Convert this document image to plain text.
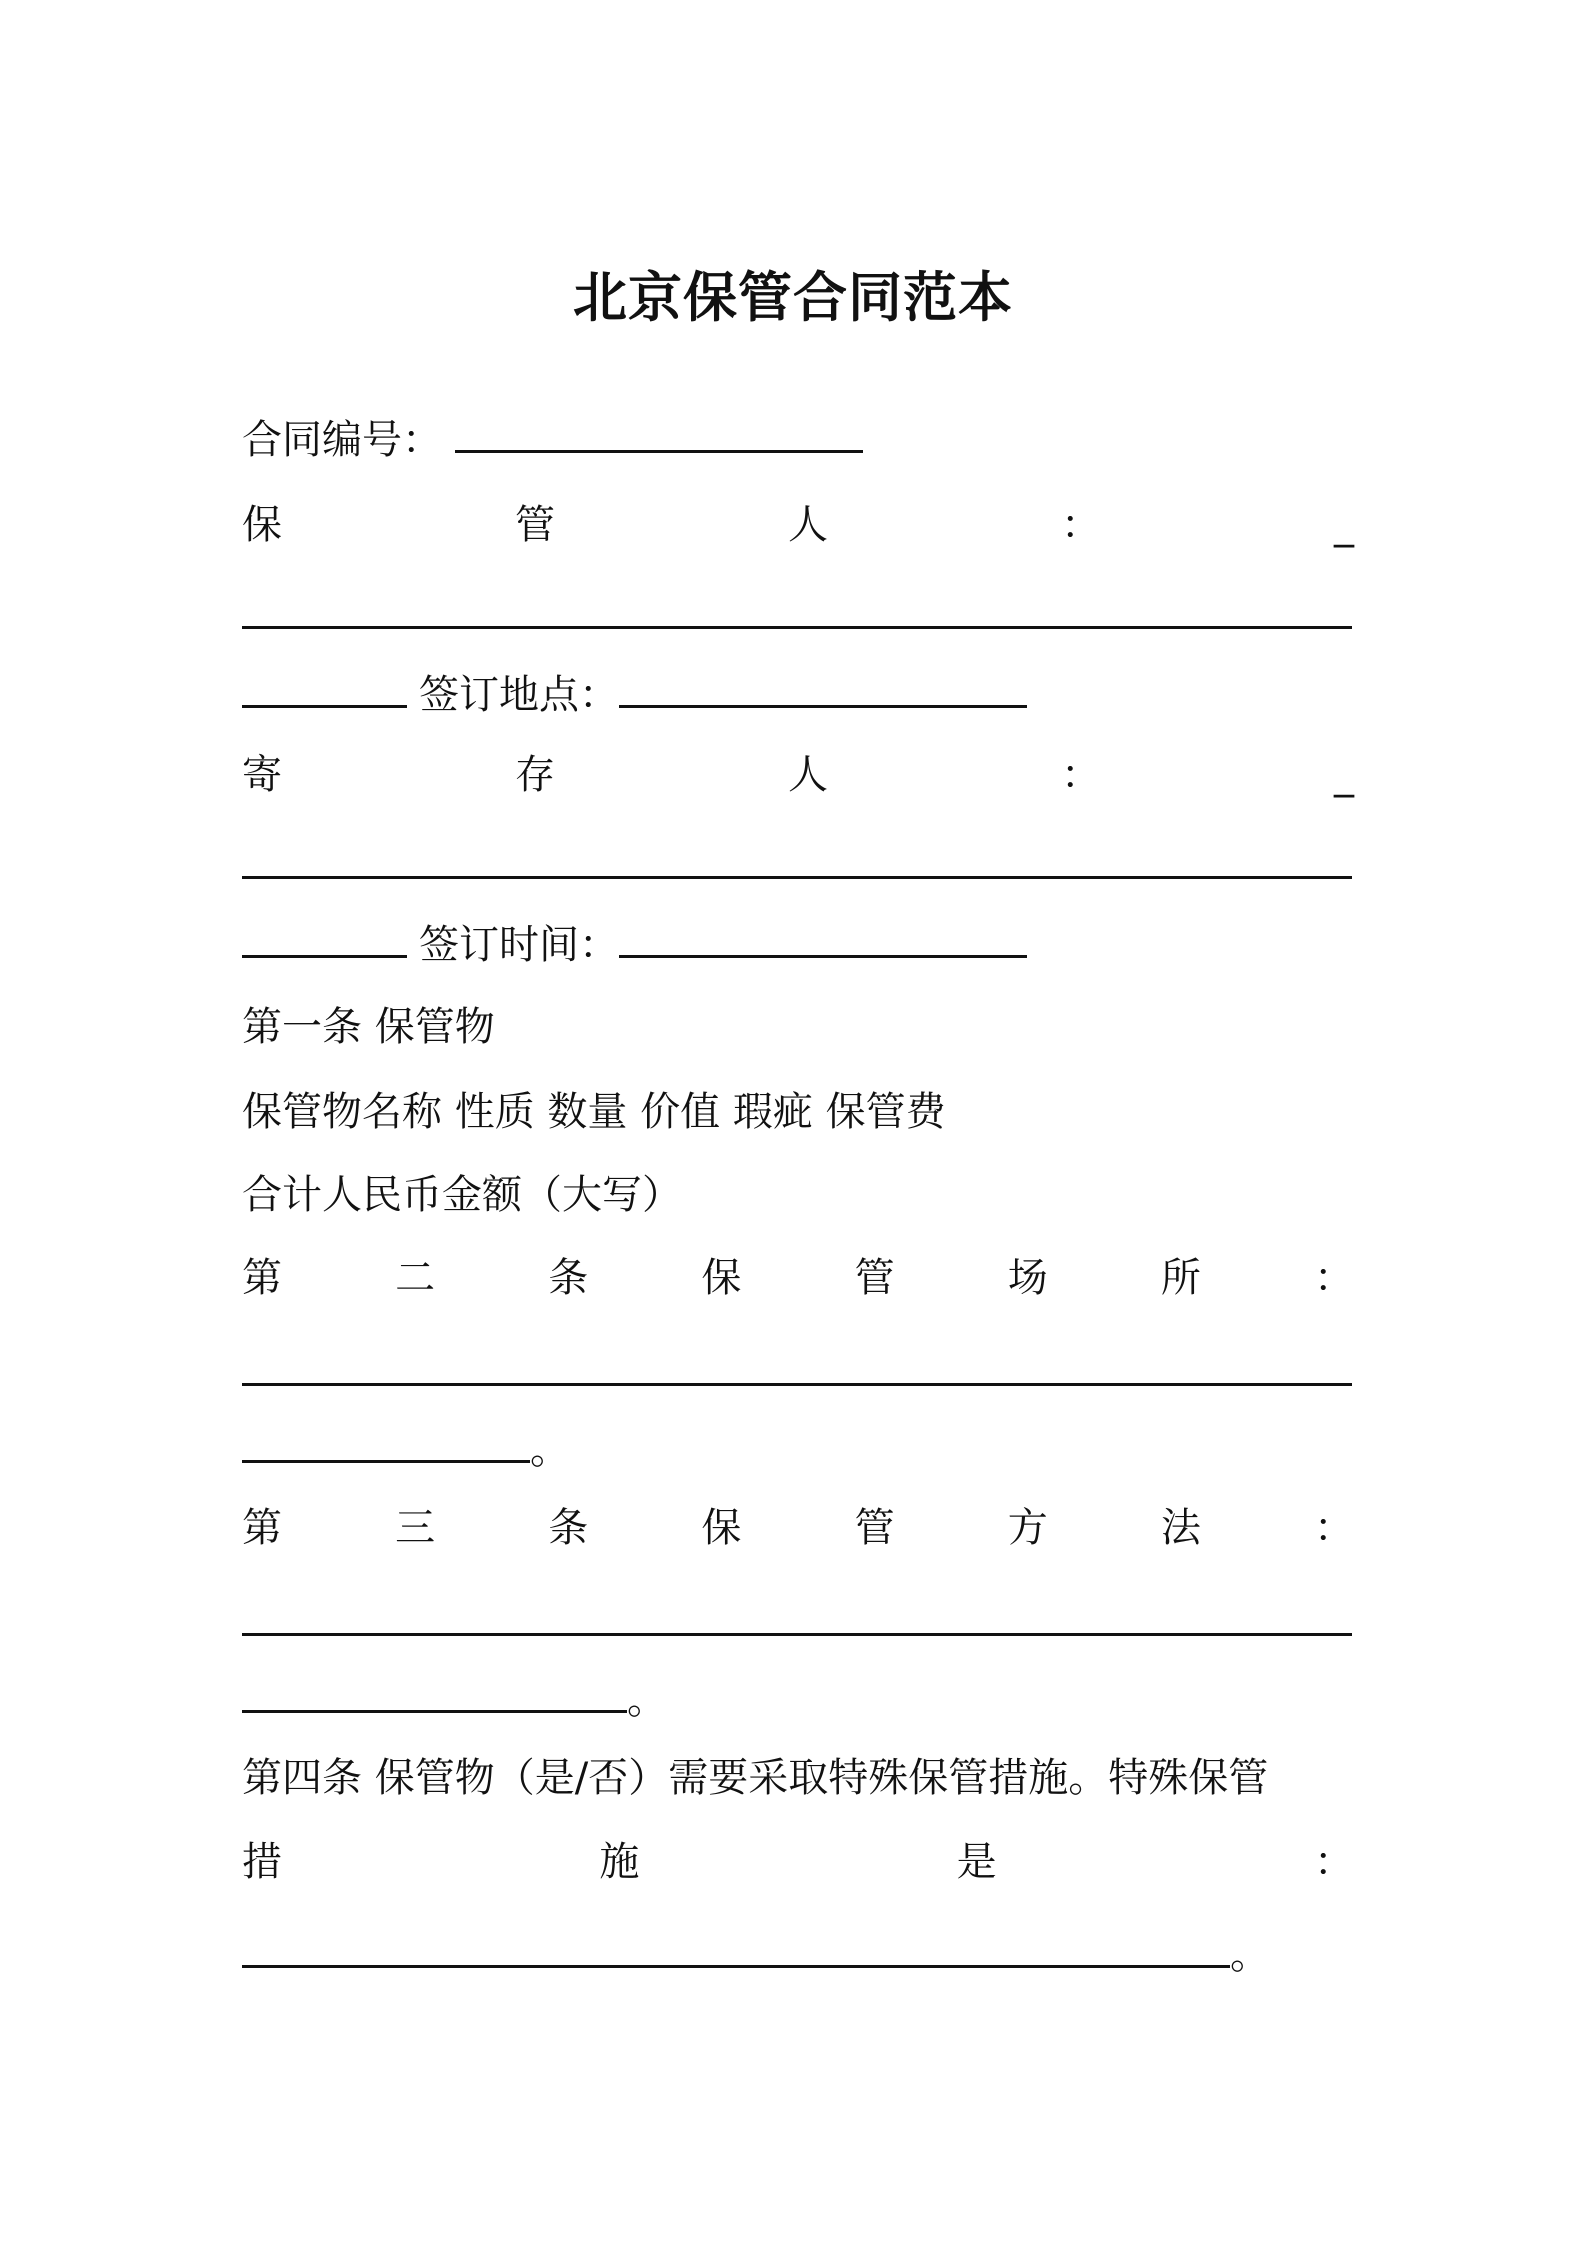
北京保管合同范本
合同编号：
保	管	人	：	_
签订地点：
寄	存	人	：	_
签订时间：
第一条 保管物
保管物名称 性质 数量 价值 瑕疵 保管费
合计人民币金额（大写）
第	二	条	保	管	场	所	：
。
第	三	条	保	管	方	法	：
。
第四条 保管物（是/否）需要采取特殊保管措施。特殊保管
措	施	是	：
。
